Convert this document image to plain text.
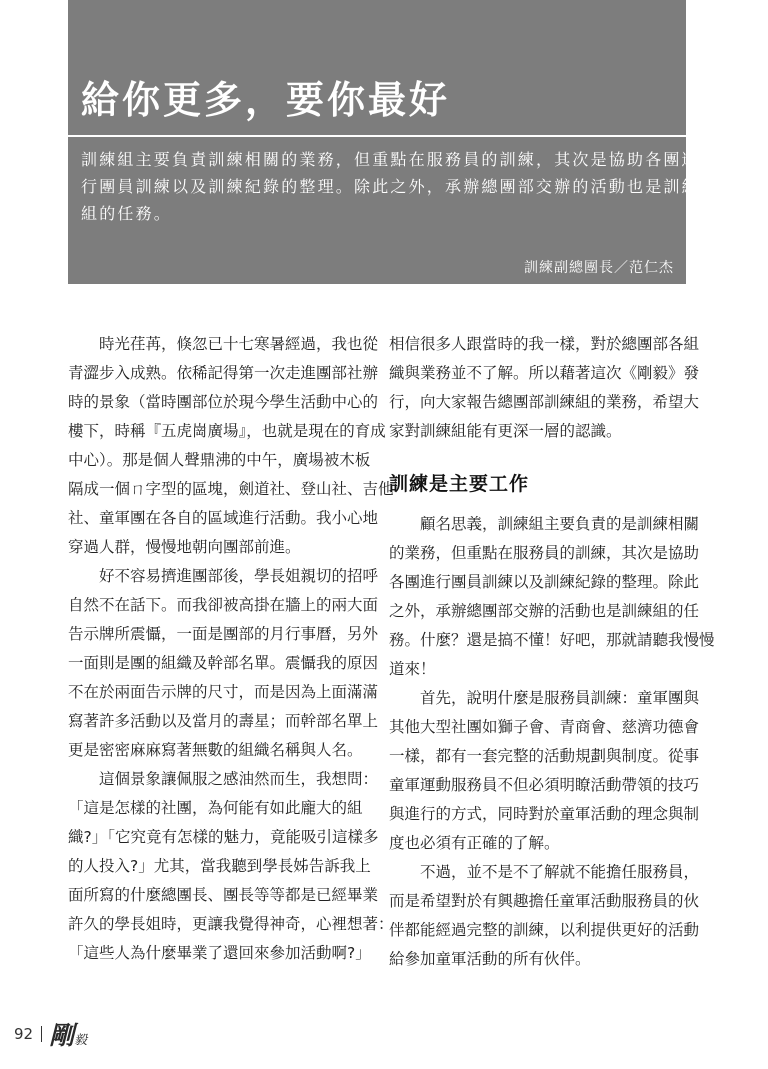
給你更多，要你最好
訓練組主要負責訓練相關的業務，但重點在服務員的訓練，其次是協助各團進
行團員訓練以及訓練紀錄的整理。除此之外，承辦總團部交辦的活動也是訓練
組的任務。
訓練副總團長／范仁杰
時光荏苒，倏忽已十七寒暑經過，我也從
青澀步入成熟。依稀記得第一次走進團部社辦
時的景象（當時團部位於現今學生活動中心的
樓下，時稱『五虎崗廣場』，也就是現在的育成
中心）。那是個人聲鼎沸的中午，廣場被木板
隔成一個ㄇ字型的區塊，劍道社、登山社、吉他
社、童軍團在各自的區域進行活動。我小心地
穿過人群，慢慢地朝向團部前進。
好不容易擠進團部後，學長姐親切的招呼
自然不在話下。而我卻被高掛在牆上的兩大面
告示牌所震懾，一面是團部的月行事曆，另外
一面則是團的組織及幹部名單。震懾我的原因
不在於兩面告示牌的尺寸，而是因為上面滿滿
寫著許多活動以及當月的壽星；而幹部名單上
更是密密麻麻寫著無數的組織名稱與人名。
這個景象讓佩服之感油然而生，我想問：
「這是怎樣的社團，為何能有如此龐大的組
織?」「它究竟有怎樣的魅力，竟能吸引這樣多
的人投入?」尤其，當我聽到學長姊告訴我上
面所寫的什麼總團長、團長等等都是已經畢業
許久的學長姐時，更讓我覺得神奇，心裡想著：
「這些人為什麼畢業了還回來參加活動啊?」
相信很多人跟當時的我一樣，對於總團部各組
織與業務並不了解。所以藉著這次《剛毅》發
行，向大家報告總團部訓練組的業務，希望大
家對訓練組能有更深一層的認識。
訓練是主要工作
顧名思義，訓練組主要負責的是訓練相關
的業務，但重點在服務員的訓練，其次是協助
各團進行團員訓練以及訓練紀錄的整理。除此
之外，承辦總團部交辦的活動也是訓練組的任
務。什麼？還是搞不懂！好吧，那就請聽我慢慢
道來！
首先，說明什麼是服務員訓練：童軍團與
其他大型社團如獅子會、青商會、慈濟功德會
一樣，都有一套完整的活動規劃與制度。從事
童軍運動服務員不但必須明瞭活動帶領的技巧
與進行的方式，同時對於童軍活動的理念與制
度也必須有正確的了解。
不過，並不是不了解就不能擔任服務員，
而是希望對於有興趣擔任童軍活動服務員的伙
伴都能經過完整的訓練，以利提供更好的活動
給參加童軍活動的所有伙伴。
92 剛毅
